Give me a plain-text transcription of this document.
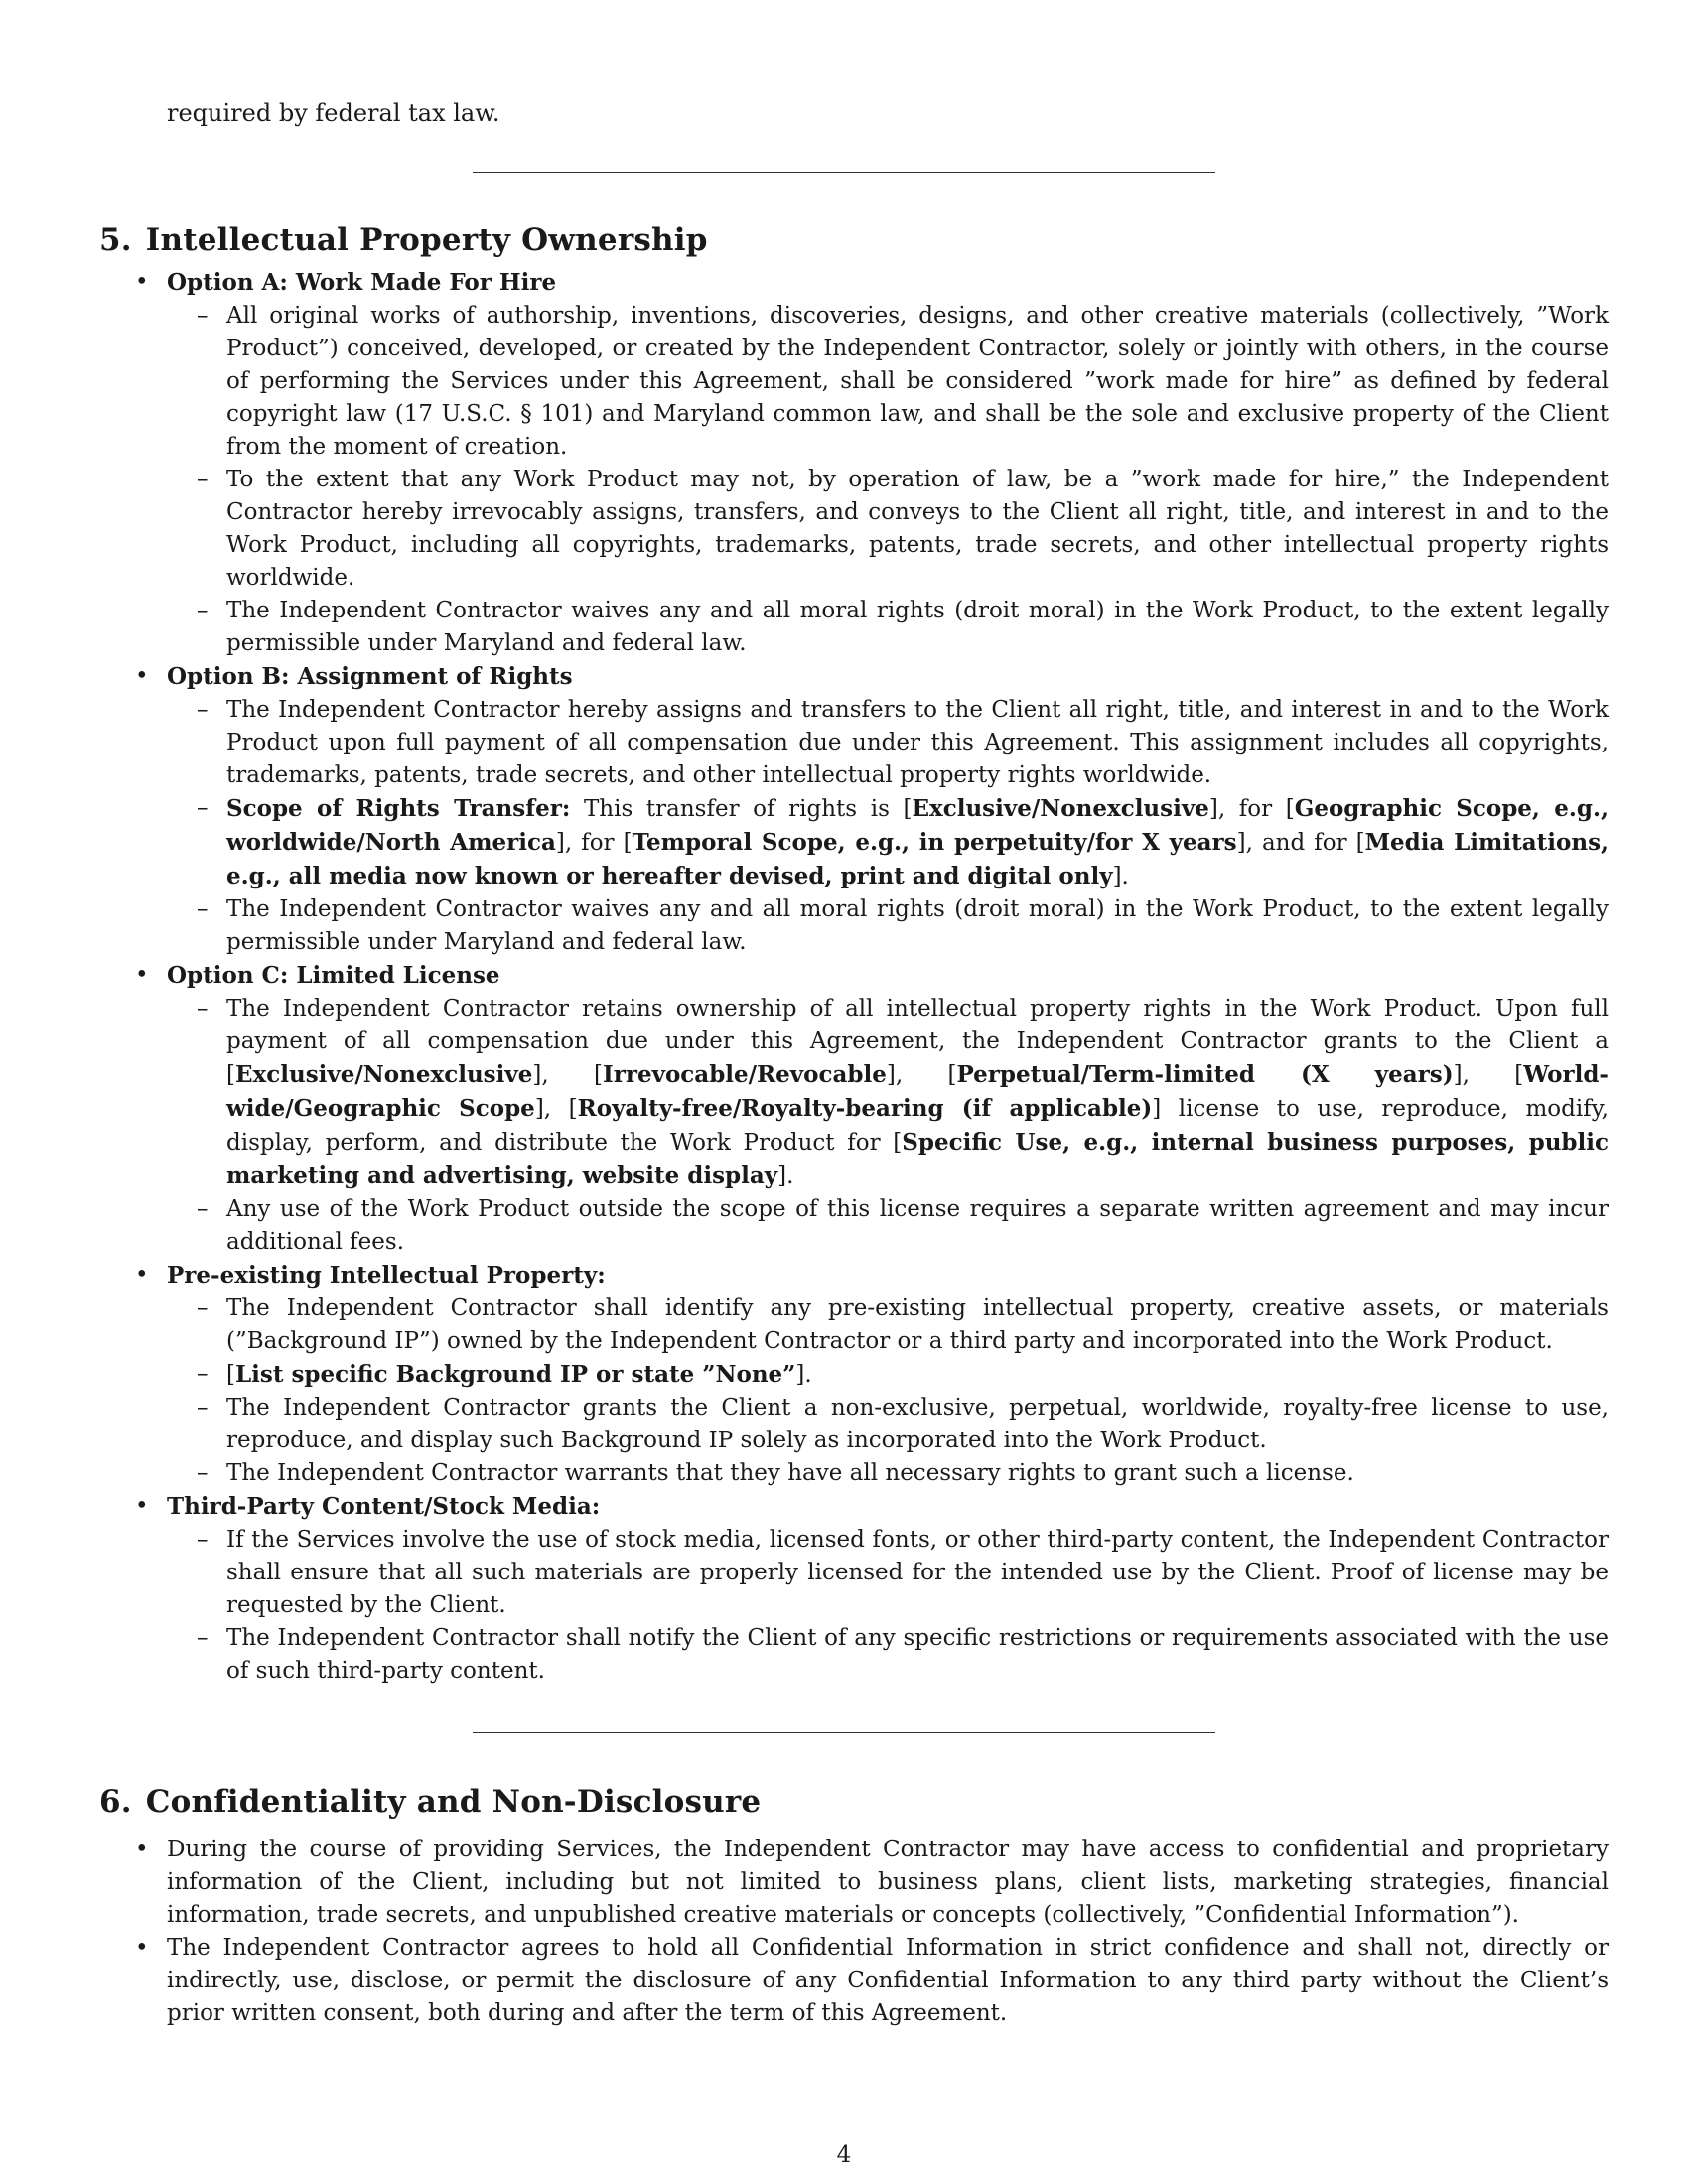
required by federal tax law.
5. Intellectual Property Ownership
• Option A: Work Made For Hire
– All original works of authorship, inventions, discoveries, designs, and other creative materials (collectively, ”Work Product”) conceived, developed, or created by the Independent Contractor, solely or jointly with others, in the course of performing the Services under this Agreement, shall be considered ”work made for hire” as defined by federal copyright law (17 U.S.C. § 101) and Maryland common law, and shall be the sole and exclusive property of the Client from the moment of creation.
– To the extent that any Work Product may not, by operation of law, be a ”work made for hire,” the Independent Contractor hereby irrevocably assigns, transfers, and conveys to the Client all right, title, and interest in and to the Work Product, including all copyrights, trademarks, patents, trade secrets, and other intellectual property rights worldwide.
– The Independent Contractor waives any and all moral rights (droit moral) in the Work Product, to the extent legally permissible under Maryland and federal law.
• Option B: Assignment of Rights
– The Independent Contractor hereby assigns and transfers to the Client all right, title, and interest in and to the Work Product upon full payment of all compensation due under this Agreement. This assignment includes all copyrights, trademarks, patents, trade secrets, and other intellectual property rights worldwide.
– Scope of Rights Transfer: This transfer of rights is [Exclusive/Nonexclusive], for [Geographic Scope, e.g., worldwide/North America], for [Temporal Scope, e.g., in perpetuity/for X years], and for [Media Limitations, e.g., all media now known or hereafter devised, print and digital only].
– The Independent Contractor waives any and all moral rights (droit moral) in the Work Product, to the extent legally permissible under Maryland and federal law.
• Option C: Limited License
– The Independent Contractor retains ownership of all intellectual property rights in the Work Product. Upon full payment of all compensation due under this Agreement, the Independent Contractor grants to the Client a [Exclusive/Nonexclusive], [Irrevocable/Revocable], [Perpetual/Term-limited (X years)], [World-wide/Geographic Scope], [Royalty-free/Royalty-bearing (if applicable)] license to use, reproduce, modify, display, perform, and distribute the Work Product for [Specific Use, e.g., internal business purposes, public marketing and advertising, website display].
– Any use of the Work Product outside the scope of this license requires a separate written agreement and may incur additional fees.
• Pre-existing Intellectual Property:
– The Independent Contractor shall identify any pre-existing intellectual property, creative assets, or materials (”Background IP”) owned by the Independent Contractor or a third party and incorporated into the Work Product.
– [List specific Background IP or state ”None”].
– The Independent Contractor grants the Client a non-exclusive, perpetual, worldwide, royalty-free license to use, reproduce, and display such Background IP solely as incorporated into the Work Product.
– The Independent Contractor warrants that they have all necessary rights to grant such a license.
• Third-Party Content/Stock Media:
– If the Services involve the use of stock media, licensed fonts, or other third-party content, the Independent Contractor shall ensure that all such materials are properly licensed for the intended use by the Client. Proof of license may be requested by the Client.
– The Independent Contractor shall notify the Client of any specific restrictions or requirements associated with the use of such third-party content.
6. Confidentiality and Non-Disclosure
• During the course of providing Services, the Independent Contractor may have access to confidential and proprietary information of the Client, including but not limited to business plans, client lists, marketing strategies, financial information, trade secrets, and unpublished creative materials or concepts (collectively, ”Confidential Information”).
• The Independent Contractor agrees to hold all Confidential Information in strict confidence and shall not, directly or indirectly, use, disclose, or permit the disclosure of any Confidential Information to any third party without the Client’s prior written consent, both during and after the term of this Agreement.
4
